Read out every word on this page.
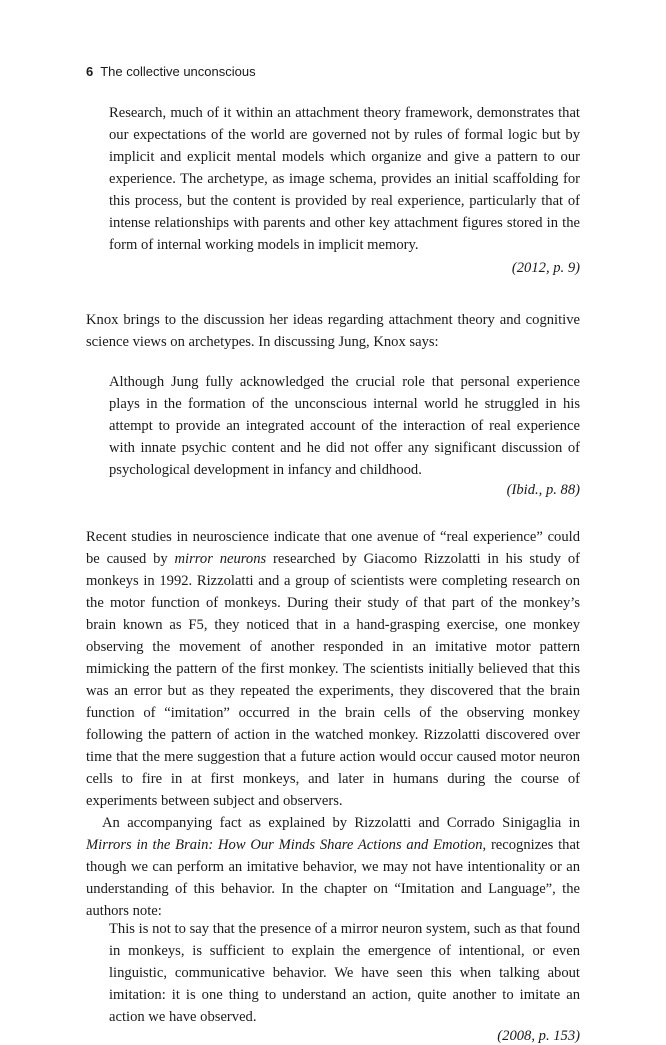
6 The collective unconscious

Research, much of it within an attachment theory framework, demonstrates that our expectations of the world are governed not by rules of formal logic but by implicit and explicit mental models which organize and give a pattern to our experience. The archetype, as image schema, provides an initial scaffolding for this process, but the content is provided by real experience, particularly that of intense relationships with parents and other key attachment figures stored in the form of internal working models in implicit memory.

(2012, p. 9)

Knox brings to the discussion her ideas regarding attachment theory and cognitive science views on archetypes. In discussing Jung, Knox says:

Although Jung fully acknowledged the crucial role that personal experience plays in the formation of the unconscious internal world he struggled in his attempt to provide an integrated account of the interaction of real experience with innate psychic content and he did not offer any significant discussion of psychological development in infancy and childhood.

(Ibid., p. 88)

Recent studies in neuroscience indicate that one avenue of “real experience” could be caused by mirror neurons researched by Giacomo Rizzolatti in his study of monkeys in 1992. Rizzolatti and a group of scientists were completing research on the motor function of monkeys. During their study of that part of the monkey’s brain known as F5, they noticed that in a hand-grasping exercise, one monkey observing the movement of another responded in an imitative motor pattern mimicking the pattern of the first monkey. The scientists initially believed that this was an error but as they repeated the experiments, they discovered that the brain function of “imitation” occurred in the brain cells of the observing monkey following the pattern of action in the watched monkey. Rizzolatti discovered over time that the mere suggestion that a future action would occur caused motor neuron cells to fire in at first monkeys, and later in humans during the course of experiments between subject and observers.

An accompanying fact as explained by Rizzolatti and Corrado Sinigaglia in Mirrors in the Brain: How Our Minds Share Actions and Emotion, recognizes that though we can perform an imitative behavior, we may not have intentionality or an understanding of this behavior. In the chapter on “Imitation and Language”, the authors note:

This is not to say that the presence of a mirror neuron system, such as that found in monkeys, is sufficient to explain the emergence of intentional, or even linguistic, communicative behavior. We have seen this when talking about imitation: it is one thing to understand an action, quite another to imitate an action we have observed.

(2008, p. 153)
